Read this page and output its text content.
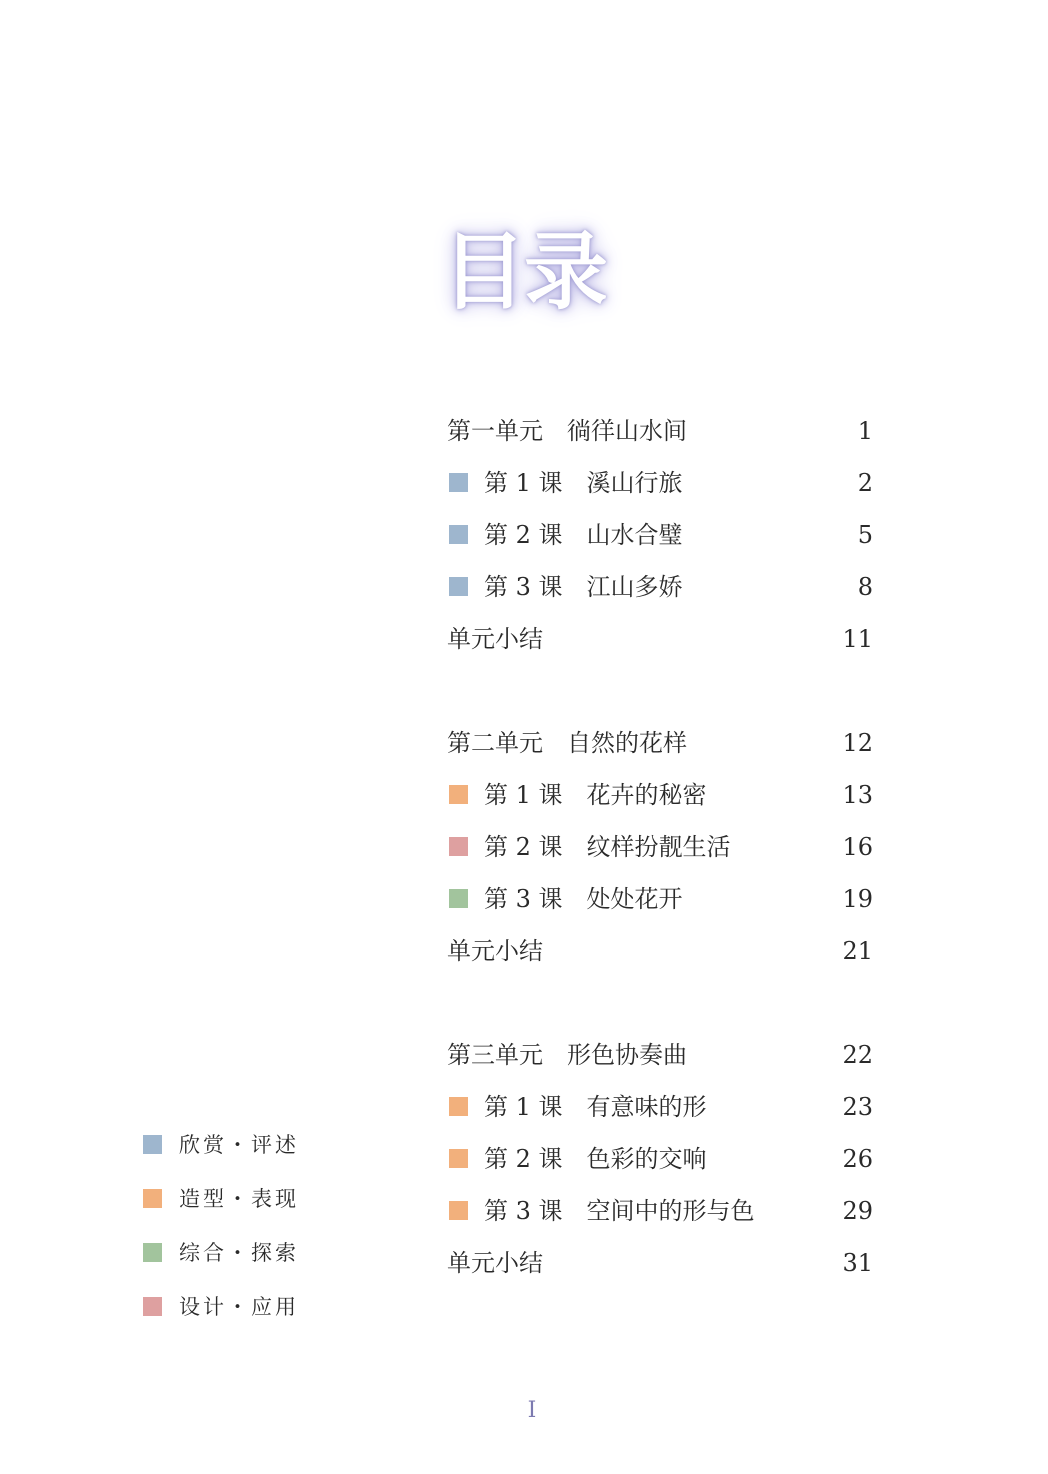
目录
第一单元　徜徉山水间	1
第 1 课　溪山行旅	2
第 2 课　山水合璧	5
第 3 课　江山多娇	8
单元小结	11
第二单元　自然的花样	12
第 1 课　花卉的秘密	13
第 2 课　纹样扮靓生活	16
第 3 课　处处花开	19
单元小结	21
第三单元　形色协奏曲	22
第 1 课　有意味的形	23
第 2 课　色彩的交响	26
第 3 课　空间中的形与色	29
单元小结	31
欣赏・评述
造型・表现
综合・探索
设计・应用
I
